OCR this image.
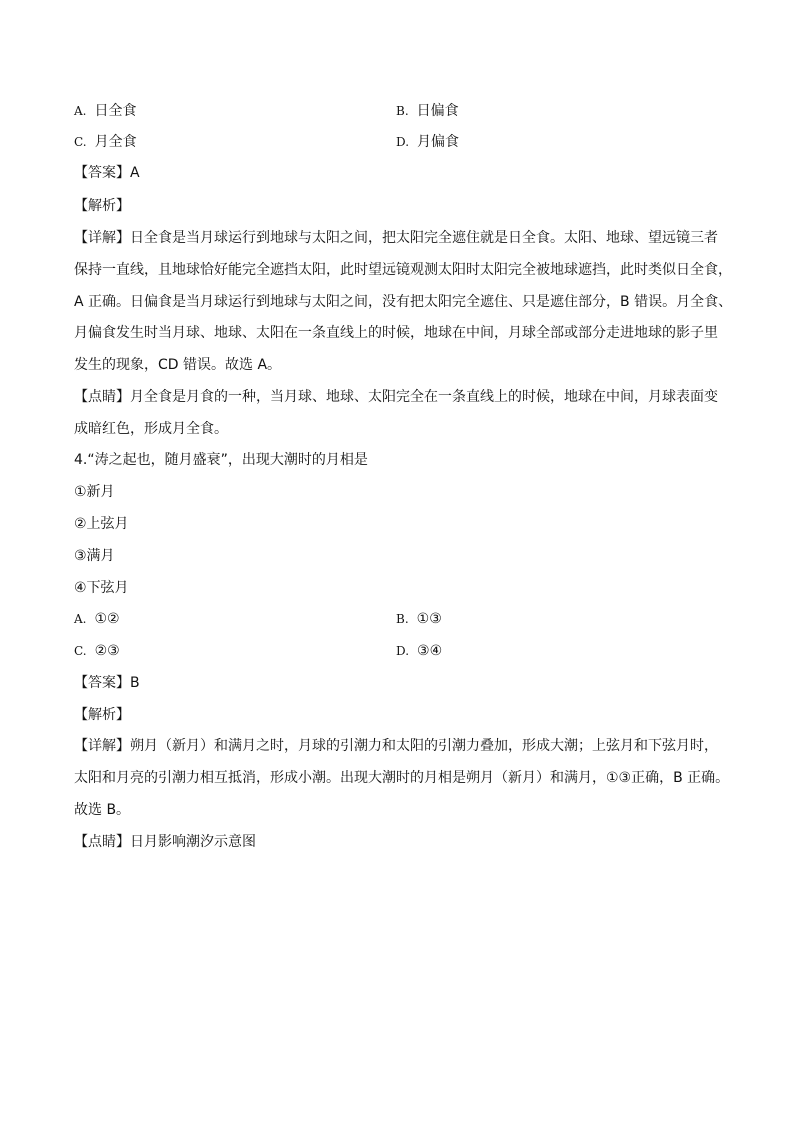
A. 日全食	B. 日偏食
C. 月全食	D. 月偏食
【答案】A
【解析】
【详解】日全食是当月球运行到地球与太阳之间，把太阳完全遮住就是日全食。太阳、地球、望远镜三者
保持一直线，且地球恰好能完全遮挡太阳，此时望远镜观测太阳时太阳完全被地球遮挡，此时类似日全食，
A 正确。日偏食是当月球运行到地球与太阳之间，没有把太阳完全遮住、只是遮住部分，B 错误。月全食、
月偏食发生时当月球、地球、太阳在一条直线上的时候，地球在中间，月球全部或部分走进地球的影子里
发生的现象，CD 错误。故选 A。
【点睛】月全食是月食的一种，当月球、地球、太阳完全在一条直线上的时候，地球在中间，月球表面变
成暗红色，形成月全食。
4.“涛之起也，随月盛衰”，出现大潮时的月相是
①新月
②上弦月
③满月
④下弦月
A. ①②	B. ①③
C. ②③	D. ③④
【答案】B
【解析】
【详解】朔月（新月）和满月之时，月球的引潮力和太阳的引潮力叠加，形成大潮；上弦月和下弦月时，
太阳和月亮的引潮力相互抵消，形成小潮。出现大潮时的月相是朔月（新月）和满月，①③正确，B 正确。
故选 B。
【点睛】日月影响潮汐示意图
